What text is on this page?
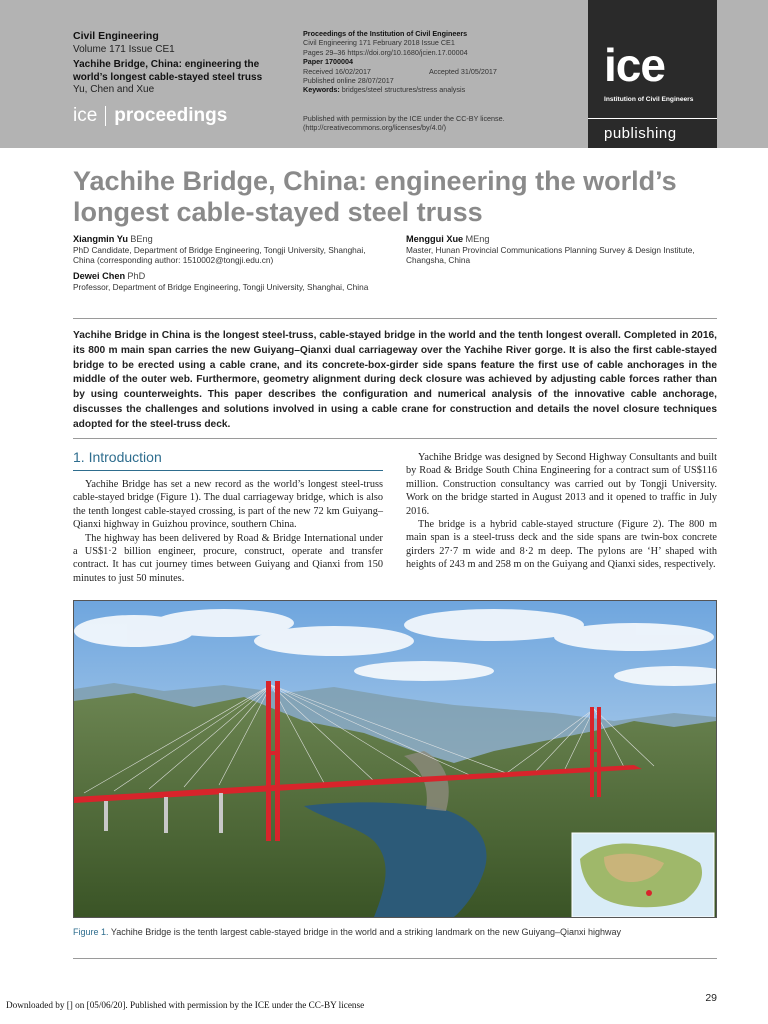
Civil Engineering
Volume 171 Issue CE1
Yachihe Bridge, China: engineering the world’s longest cable-stayed steel truss
Yu, Chen and Xue
ice proceedings
Proceedings of the Institution of Civil Engineers
Civil Engineering 171 February 2018 Issue CE1
Pages 29–36 https://doi.org/10.1680/jcien.17.00004
Paper 1700004
Received 16/02/2017	Accepted 31/05/2017
Published online 28/07/2017
Keywords: bridges/steel structures/stress analysis
Published with permission by the ICE under the CC-BY license. (http://creativecommons.org/licenses/by/4.0/)
ice
Institution of Civil Engineers
publishing
Yachihe Bridge, China: engineering the world’s longest cable-stayed steel truss
Xiangmin Yu BEng
PhD Candidate, Department of Bridge Engineering, Tongji University, Shanghai, China (corresponding author: 1510002@tongji.edu.cn)
Menggui Xue MEng
Master, Hunan Provincial Communications Planning Survey & Design Institute, Changsha, China
Dewei Chen PhD
Professor, Department of Bridge Engineering, Tongji University, Shanghai, China
Yachihe Bridge in China is the longest steel-truss, cable-stayed bridge in the world and the tenth longest overall. Completed in 2016, its 800 m main span carries the new Guiyang–Qianxi dual carriageway over the Yachihe River gorge. It is also the first cable-stayed bridge to be erected using a cable crane, and its concrete-box-girder side spans feature the first use of cable anchorages in the middle of the outer web. Furthermore, geometry alignment during deck closure was achieved by adjusting cable forces rather than by using counterweights. This paper describes the configuration and numerical analysis of the innovative cable anchorage, discusses the challenges and solutions involved in using a cable crane for construction and details the novel closure techniques adopted for the steel-truss deck.
1. Introduction

Yachihe Bridge has set a new record as the world’s longest steel-truss cable-stayed bridge (Figure 1). The dual carriageway bridge, which is also the tenth longest cable-stayed crossing, is part of the new 72 km Guiyang–Qianxi highway in Guizhou province, southern China.

The highway has been delivered by Road & Bridge International under a US$1·2 billion engineer, procure, construct, operate and transfer contract. It has cut journey times between Guiyang and Qianxi from 150 minutes to just 50 minutes.

Yachihe Bridge was designed by Second Highway Consultants and built by Road & Bridge South China Engineering for a contract sum of US$116 million. Construction consultancy was carried out by Tongji University. Work on the bridge started in August 2013 and it opened to traffic in July 2016.

The bridge is a hybrid cable-stayed structure (Figure 2). The 800 m main span is a steel-truss deck and the side spans are twin-box concrete girders 27·7 m wide and 8·2 m deep. The pylons are ‘H’ shaped with heights of 243 m and 258 m on the Guiyang and Qianxi sides, respectively.

Figure 1. Yachihe Bridge is the tenth largest cable-stayed bridge in the world and a striking landmark on the new Guiyang–Qianxi highway
29
Downloaded by [] on [05/06/20]. Published with permission by the ICE under the CC-BY license
